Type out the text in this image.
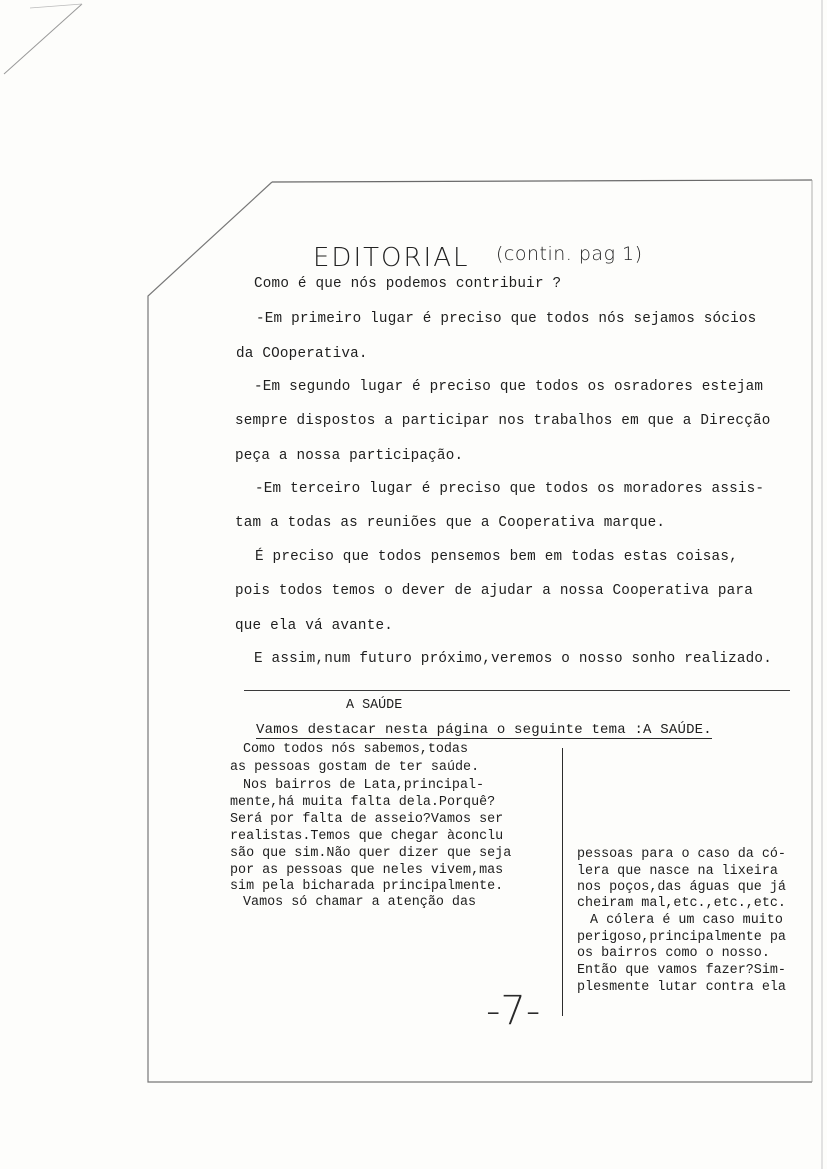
EDITORIAL (contin. pag 1)
Como é que nós podemos contribuir ?
-Em primeiro lugar é preciso que todos nós sejamos sócios
da COoperativa.
-Em segundo lugar é preciso que todos os osradores estejam
sempre dispostos a participar nos trabalhos em que a Direcção
peça a nossa participação.
-Em terceiro lugar é preciso que todos os moradores assis-
tam a todas as reuniões que a Cooperativa marque.
É preciso que todos pensemos bem em todas estas coisas,
pois todos temos o dever de ajudar a nossa Cooperativa para
que ela vá avante.
E assim,num futuro próximo,veremos o nosso sonho realizado.
A SAÚDE
Vamos destacar nesta página o seguinte tema :A SAÚDE.
Como todos nós sabemos,todas
as pessoas gostam de ter saúde.
Nos bairros de Lata,principal-
mente,há muita falta dela.Porquê?
Será por falta de asseio?Vamos ser
realistas.Temos que chegar àconclu
são que sim.Não quer dizer que seja
por as pessoas que neles vivem,mas
sim pela bicharada principalmente.
Vamos só chamar a atenção das
pessoas para o caso da có-
lera que nasce na lixeira
nos poços,das águas que já
cheiram mal,etc.,etc.,etc.
A cólera é um caso muito
perigoso,principalmente pa
os bairros como o nosso.
Então que vamos fazer?Sim-
plesmente lutar contra ela
-7-
